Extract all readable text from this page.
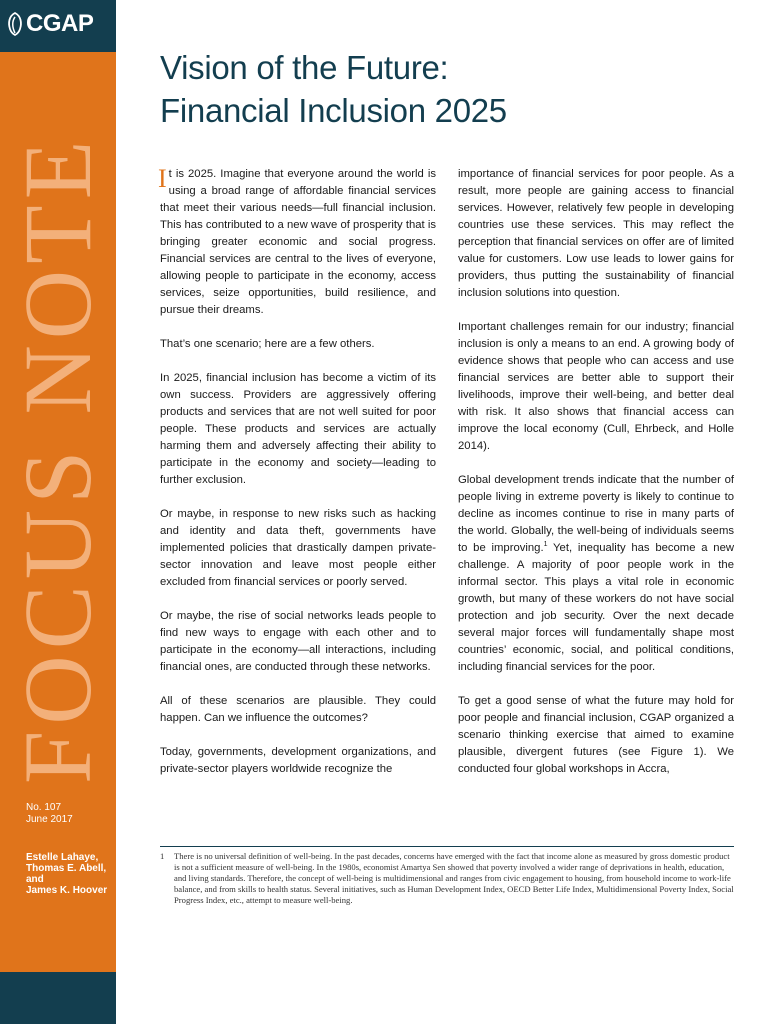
CGAP
FOCUS NOTE
No. 107
June 2017
Estelle Lahaye,
Thomas E. Abell,
and
James K. Hoover
Vision of the Future:
Financial Inclusion 2025

It is 2025. Imagine that everyone around the world is using a broad range of affordable financial services that meet their various needs—full financial inclusion. This has contributed to a new wave of prosperity that is bringing greater economic and social progress. Financial services are central to the lives of everyone, allowing people to participate in the economy, access services, seize opportunities, build resilience, and pursue their dreams.

That’s one scenario; here are a few others.

In 2025, financial inclusion has become a victim of its own success. Providers are aggressively offering products and services that are not well suited for poor people. These products and services are actually harming them and adversely affecting their ability to participate in the economy and society—leading to further exclusion.

Or maybe, in response to new risks such as hacking and identity and data theft, governments have implemented policies that drastically dampen private-sector innovation and leave most people either excluded from financial services or poorly served.

Or maybe, the rise of social networks leads people to find new ways to engage with each other and to participate in the economy—all interactions, including financial ones, are conducted through these networks.

All of these scenarios are plausible. They could happen. Can we influence the outcomes?

Today, governments, development organizations, and private-sector players worldwide recognize the

importance of financial services for poor people. As a result, more people are gaining access to financial services. However, relatively few people in developing countries use these services. This may reflect the perception that financial services on offer are of limited value for customers. Low use leads to lower gains for providers, thus putting the sustainability of financial inclusion solutions into question.

Important challenges remain for our industry; financial inclusion is only a means to an end. A growing body of evidence shows that people who can access and use financial services are better able to support their livelihoods, improve their well-being, and better deal with risk. It also shows that financial access can improve the local economy (Cull, Ehrbeck, and Holle 2014).

Global development trends indicate that the number of people living in extreme poverty is likely to continue to decline as incomes continue to rise in many parts of the world. Globally, the well-being of individuals seems to be improving.$^1$ Yet, inequality has become a new challenge. A majority of poor people work in the informal sector. This plays a vital role in economic growth, but many of these workers do not have social protection and job security. Over the next decade several major forces will fundamentally shape most countries’ economic, social, and political conditions, including financial services for the poor.

To get a good sense of what the future may hold for poor people and financial inclusion, CGAP organized a scenario thinking exercise that aimed to examine plausible, divergent futures (see Figure 1). We conducted four global workshops in Accra,

1 There is no universal definition of well-being. In the past decades, concerns have emerged with the fact that income alone as measured by gross domestic product is not a sufficient measure of well-being. In the 1980s, economist Amartya Sen showed that poverty involved a wider range of deprivations in health, education, and living standards. Therefore, the concept of well-being is multidimensional and ranges from civic engagement to housing, from household income to work-life balance, and from skills to health status. Several initiatives, such as Human Development Index, OECD Better Life Index, Multidimensional Poverty Index, Social Progress Index, etc., attempt to measure well-being.
